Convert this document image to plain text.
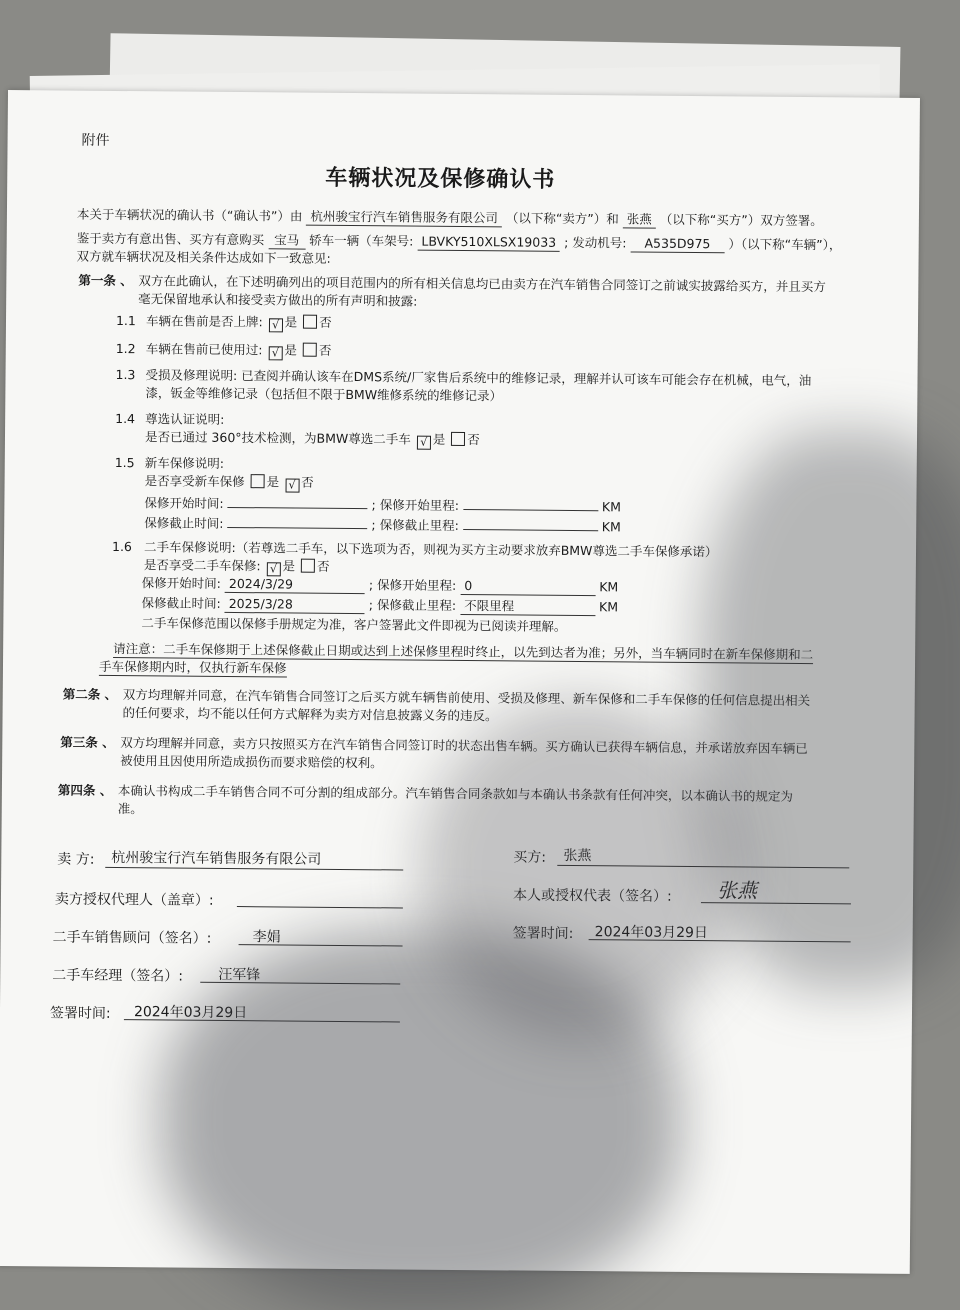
附件
车辆状况及保修确认书
本关于车辆状况的确认书（“确认书”）由 杭州骏宝行汽车销售服务有限公司 （以下称“卖方”）和 张燕 （以下称“买方”）双方签署。
鉴于卖方有意出售、买方有意购买 宝马 轿车一辆（车架号: LBVKY510XLSX19033 ; 发动机号: A535D975 ）（以下称“车辆”），
双方就车辆状况及相关条件达成如下一致意见:
第一条 、 双方在此确认，在下述明确列出的项目范围内的所有相关信息均已由卖方在汽车销售合同签订之前诚实披露给买方，并且买方
毫无保留地承认和接受卖方做出的所有声明和披露:
1.1 车辆在售前是否上牌: √ 是 否
1.2 车辆在售前已使用过: √ 是 否
1.3 受损及修理说明: 已查阅并确认该车在DMS系统/厂家售后系统中的维修记录，理解并认可该车可能会存在机械，电气，油
漆，钣金等维修记录（包括但不限于BMW维修系统的维修记录）
1.4 尊选认证说明:
是否已通过 360°技术检测，为BMW尊选二手车 √ 是 否
1.5 新车保修说明:
是否享受新车保修 是 √ 否
保修开始时间:	; 保修开始里程:	KM
保修截止时间:	; 保修截止里程:	KM
1.6 二手车保修说明:（若尊选二手车，以下选项为否，则视为买方主动要求放弃BMW尊选二手车保修承诺）
是否享受二手车保修: √ 是 否
保修开始时间: 2024/3/29	; 保修开始里程: 0	KM
保修截止时间: 2025/3/28	; 保修截止里程: 不限里程	KM
二手车保修范围以保修手册规定为准，客户签署此文件即视为已阅读并理解。
请注意：二手车保修期于上述保修截止日期或达到上述保修里程时终止，以先到达者为准；另外，当车辆同时在新车保修期和二
手车保修期内时，仅执行新车保修
第二条 、 双方均理解并同意，在汽车销售合同签订之后买方就车辆售前使用、受损及修理、新车保修和二手车保修的任何信息提出相关
的任何要求，均不能以任何方式解释为卖方对信息披露义务的违反。
第三条 、 双方均理解并同意，卖方只按照买方在汽车销售合同签订时的状态出售车辆。买方确认已获得车辆信息，并承诺放弃因车辆已
被使用且因使用所造成损伤而要求赔偿的权利。
第四条 、 本确认书构成二手车销售合同不可分割的组成部分。汽车销售合同条款如与本确认书条款有任何冲突，以本确认书的规定为
准。
卖 方: 杭州骏宝行汽车销售服务有限公司
卖方授权代理人（盖章）:
二手车销售顾问（签名）:	李娟
二手车经理（签名）:	汪军锋
签署时间: 2024年03月29日
买方: 张燕
本人或授权代表（签名）: 张燕
签署时间: 2024年03月29日
